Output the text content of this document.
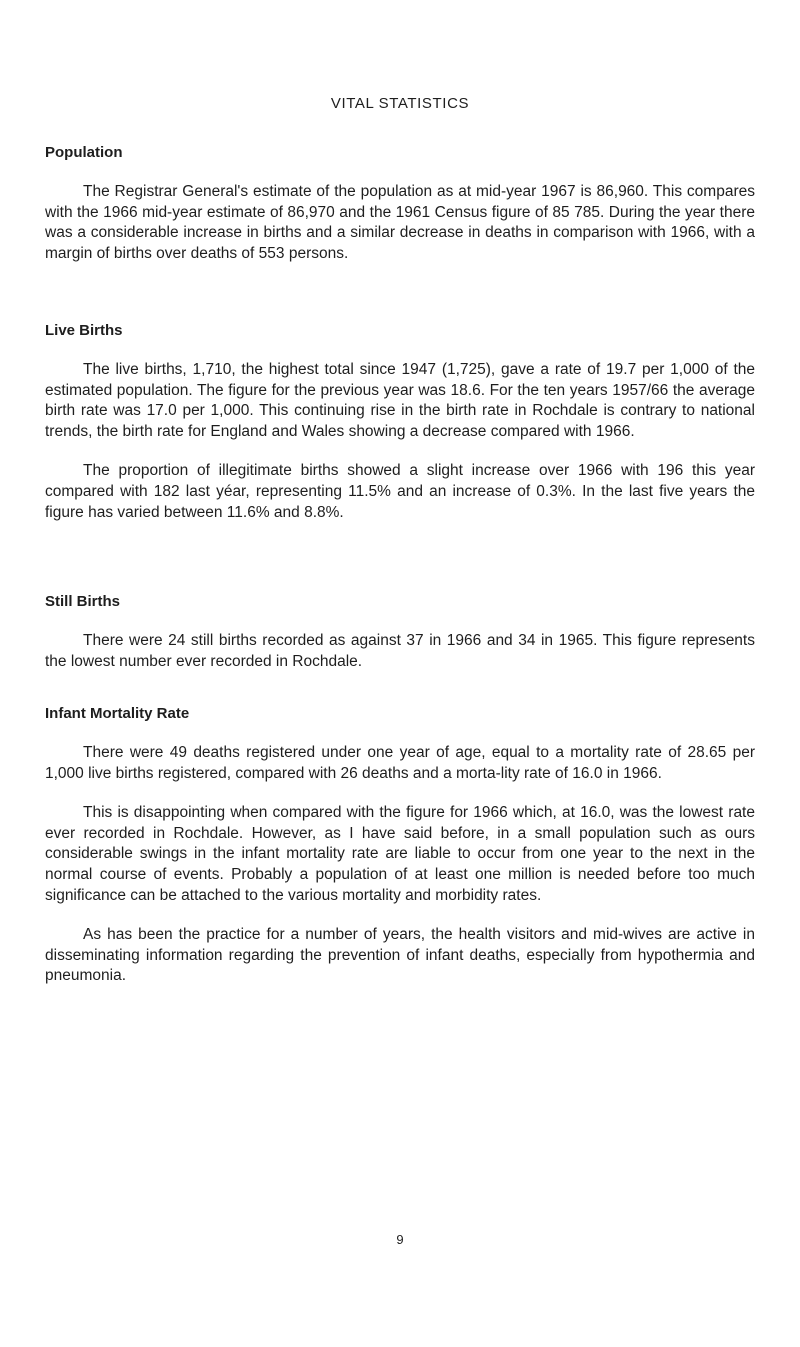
VITAL STATISTICS
Population

The Registrar General's estimate of the population as at mid-year 1967 is 86,960. This compares with the 1966 mid-year estimate of 86,970 and the 1961 Census figure of 85 785. During the year there was a considerable increase in births and a similar decrease in deaths in comparison with 1966, with a margin of births over deaths of 553 persons.

Live Births

The live births, 1,710, the highest total since 1947 (1,725), gave a rate of 19.7 per 1,000 of the estimated population. The figure for the previous year was 18.6. For the ten years 1957/66 the average birth rate was 17.0 per 1,000. This continuing rise in the birth rate in Rochdale is contrary to national trends, the birth rate for England and Wales showing a decrease compared with 1966.

The proportion of illegitimate births showed a slight increase over 1966 with 196 this year compared with 182 last yéar, representing 11.5% and an increase of 0.3%. In the last five years the figure has varied between 11.6% and 8.8%.

Still Births

There were 24 still births recorded as against 37 in 1966 and 34 in 1965. This figure represents the lowest number ever recorded in Rochdale.

Infant Mortality Rate

There were 49 deaths registered under one year of age, equal to a mortality rate of 28.65 per 1,000 live births registered, compared with 26 deaths and a morta-lity rate of 16.0 in 1966.

This is disappointing when compared with the figure for 1966 which, at 16.0, was the lowest rate ever recorded in Rochdale. However, as I have said before, in a small population such as ours considerable swings in the infant mortality rate are liable to occur from one year to the next in the normal course of events. Probably a population of at least one million is needed before too much significance can be attached to the various mortality and morbidity rates.

As has been the practice for a number of years, the health visitors and mid-wives are active in disseminating information regarding the prevention of infant deaths, especially from hypothermia and pneumonia.

9
